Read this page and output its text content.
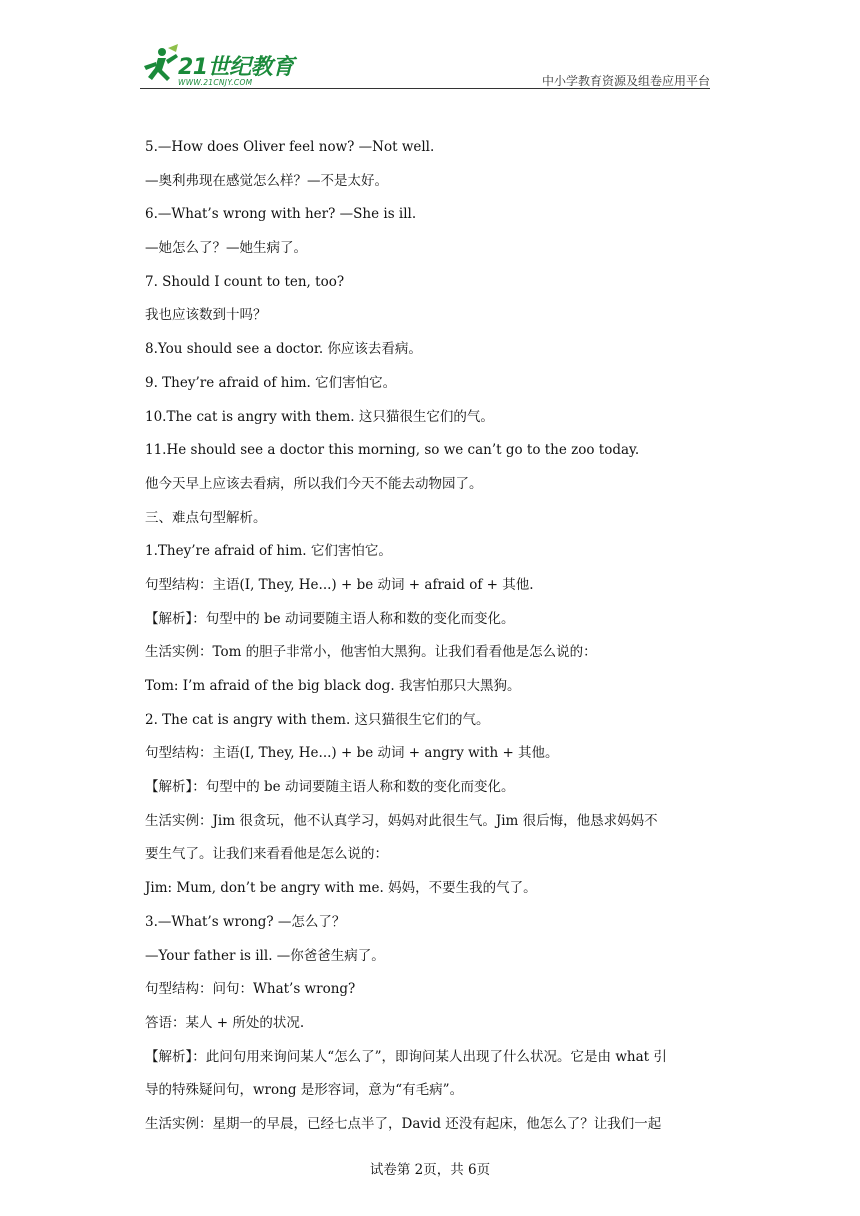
21世纪教育
WWW.21CNJY.COM	中小学教育资源及组卷应用平台
5.—How does Oliver feel now? —Not well.
—奥利弗现在感觉怎么样？—不是太好。
6.—What’s wrong with her? —She is ill.
—她怎么了？—她生病了。
7. Should I count to ten, too?
我也应该数到十吗？
8.You should see a doctor. 你应该去看病。
9. They’re afraid of him. 它们害怕它。
10.The cat is angry with them. 这只猫很生它们的气。
11.He should see a doctor this morning, so we can’t go to the zoo today.
他今天早上应该去看病，所以我们今天不能去动物园了。
三、难点句型解析。
1.They’re afraid of him. 它们害怕它。
句型结构：主语(I, They, He...) + be 动词 + afraid of + 其他.
【解析】：句型中的 be 动词要随主语人称和数的变化而变化。
生活实例：Tom 的胆子非常小，他害怕大黑狗。让我们看看他是怎么说的：
Tom: I’m afraid of the big black dog. 我害怕那只大黑狗。
2. The cat is angry with them. 这只猫很生它们的气。
句型结构：主语(I, They, He...) + be 动词 + angry with + 其他。
【解析】：句型中的 be 动词要随主语人称和数的变化而变化。
生活实例：Jim 很贪玩，他不认真学习，妈妈对此很生气。Jim 很后悔，他恳求妈妈不
要生气了。让我们来看看他是怎么说的：
Jim: Mum, don’t be angry with me. 妈妈，不要生我的气了。
3.—What’s wrong? —怎么了？
—Your father is ill. —你爸爸生病了。
句型结构：问句：What’s wrong?
答语：某人 + 所处的状况.
【解析】：此问句用来询问某人“怎么了”，即询问某人出现了什么状况。它是由 what 引
导的特殊疑问句，wrong 是形容词，意为“有毛病”。
生活实例：星期一的早晨，已经七点半了，David 还没有起床，他怎么了？让我们一起
试卷第 2页，共 6页
